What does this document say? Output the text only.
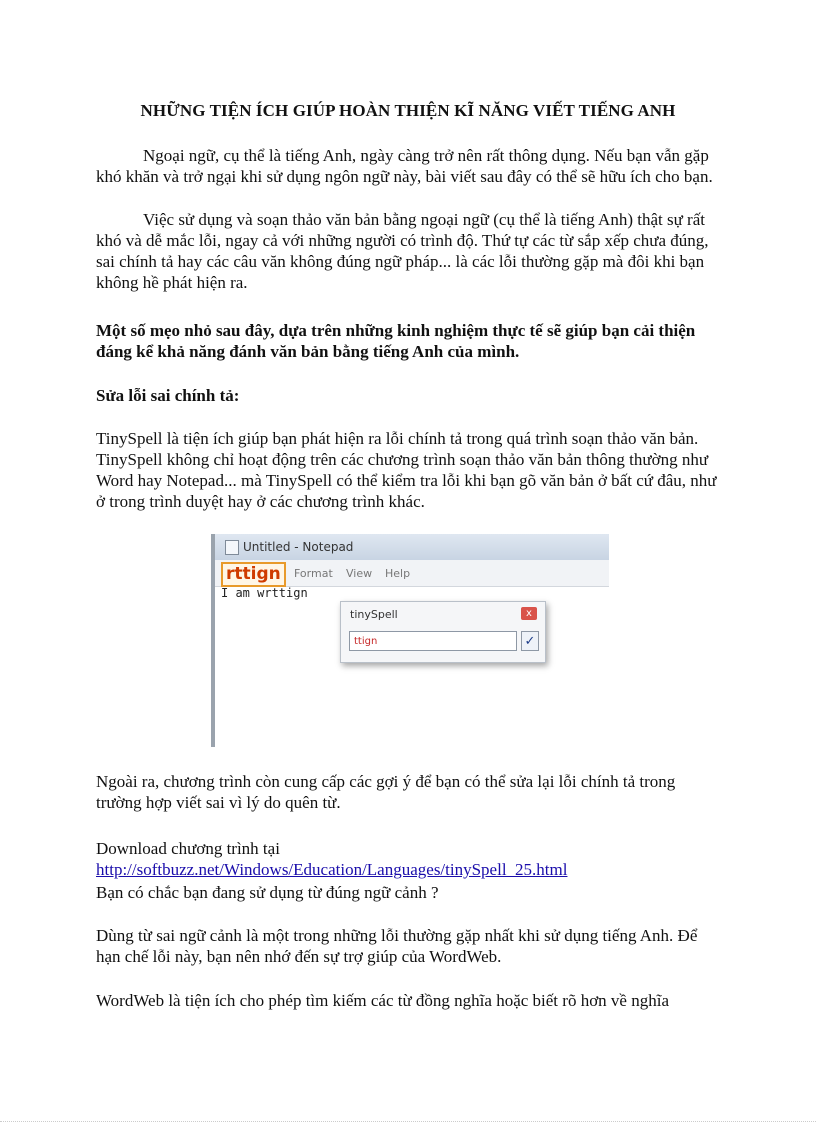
NHỮNG TIỆN ÍCH GIÚP HOÀN THIỆN KĨ NĂNG VIẾT TIẾNG ANH
Ngoại ngữ, cụ thể là tiếng Anh, ngày càng trở nên rất thông dụng. Nếu bạn vẫn gặp khó khăn và trở ngại khi sử dụng ngôn ngữ này, bài viết sau đây có thể sẽ hữu ích cho bạn.
Việc sử dụng và soạn thảo văn bản bằng ngoại ngữ (cụ thể là tiếng Anh) thật sự rất khó và dễ mắc lỗi, ngay cả với những người có trình độ. Thứ tự các từ sắp xếp chưa đúng, sai chính tả hay các câu văn không đúng ngữ pháp... là các lỗi thường gặp mà đôi khi bạn không hề phát hiện ra.
Một số mẹo nhỏ sau đây, dựa trên những kinh nghiệm thực tế sẽ giúp bạn cải thiện đáng kể khả năng đánh văn bản bằng tiếng Anh của mình.
Sửa lỗi sai chính tả:
TinySpell là tiện ích giúp bạn phát hiện ra lỗi chính tả trong quá trình soạn thảo văn bản. TinySpell không chỉ hoạt động trên các chương trình soạn thảo văn bản thông thường như Word hay Notepad... mà TinySpell có thể kiểm tra lỗi khi bạn gõ văn bản ở bất cứ đâu, như ở trong trình duyệt hay ở các chương trình khác.
Untitled - Notepad
rttign	Format View Help
I am wrttign
tinySpell	x
ttign	✓
Ngoài ra, chương trình còn cung cấp các gợi ý để bạn có thể sửa lại lỗi chính tả trong trường hợp viết sai vì lý do quên từ.
Download chương trình tại
http://softbuzz.net/Windows/Education/Languages/tinySpell_25.html
Bạn có chắc bạn đang sử dụng từ đúng ngữ cảnh ?
Dùng từ sai ngữ cảnh là một trong những lỗi thường gặp nhất khi sử dụng tiếng Anh. Để hạn chế lỗi này, bạn nên nhớ đến sự trợ giúp của WordWeb.
WordWeb là tiện ích cho phép tìm kiếm các từ đồng nghĩa hoặc biết rõ hơn về nghĩa
